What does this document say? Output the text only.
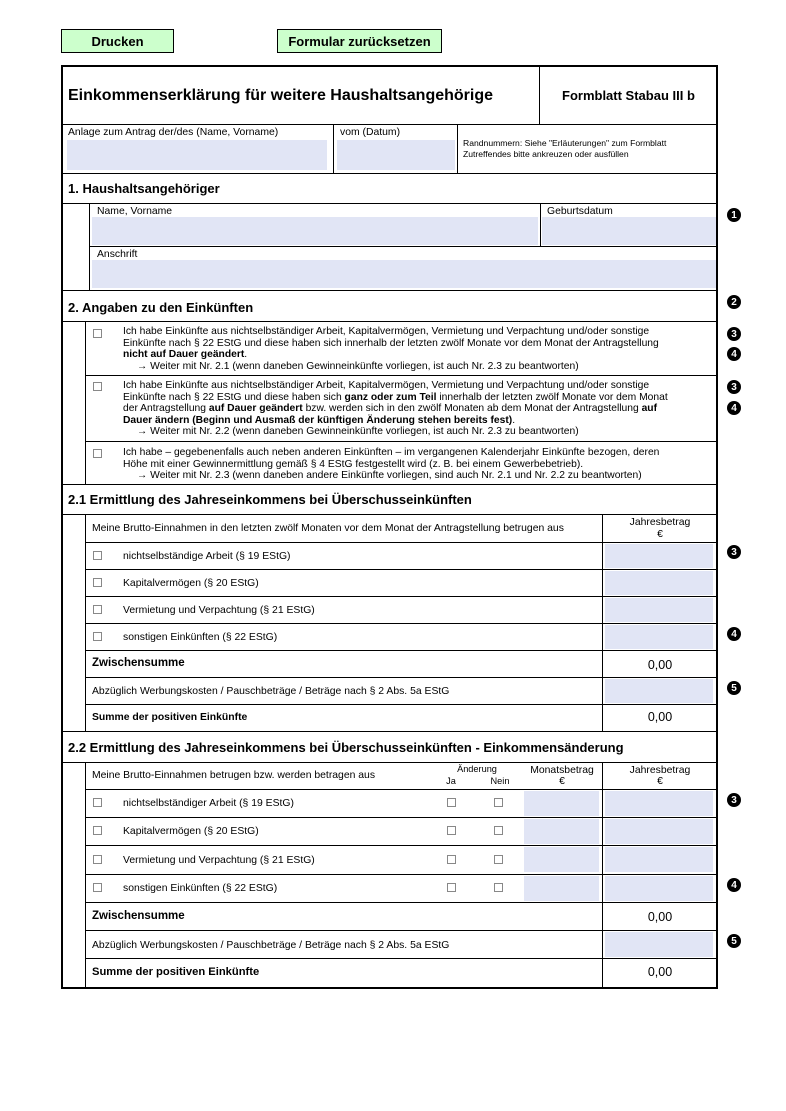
Drucken	Formular zurücksetzen
Einkommenserklärung für weitere Haushaltsangehörige	Formblatt Stabau III b
Anlage zum Antrag der/des (Name, Vorname)	vom (Datum)
Randnummern: Siehe "Erläuterungen" zum Formblatt
Zutreffendes bitte ankreuzen oder ausfüllen
1. Haushaltsangehöriger
Name, Vorname	Geburtsdatum
Anschrift
2. Angaben zu den Einkünften
Ich habe Einkünfte aus nichtselbständiger Arbeit, Kapitalvermögen, Vermietung und Verpachtung und/oder sonstige
Einkünfte nach § 22 EStG und diese haben sich innerhalb der letzten zwölf Monate vor dem Monat der Antragstellung
nicht auf Dauer geändert.
→ Weiter mit Nr. 2.1 (wenn daneben Gewinneinkünfte vorliegen, ist auch Nr. 2.3 zu beantworten)
Ich habe Einkünfte aus nichtselbständiger Arbeit, Kapitalvermögen, Vermietung und Verpachtung und/oder sonstige
Einkünfte nach § 22 EStG und diese haben sich ganz oder zum Teil innerhalb der letzten zwölf Monate vor dem Monat
der Antragstellung auf Dauer geändert bzw. werden sich in den zwölf Monaten ab dem Monat der Antragstellung auf
Dauer ändern (Beginn und Ausmaß der künftigen Änderung stehen bereits fest).
→ Weiter mit Nr. 2.2 (wenn daneben Gewinneinkünfte vorliegen, ist auch Nr. 2.3 zu beantworten)
Ich habe – gegebenenfalls auch neben anderen Einkünften – im vergangenen Kalenderjahr Einkünfte bezogen, deren
Höhe mit einer Gewinnermittlung gemäß § 4 EStG festgestellt wird (z. B. bei einem Gewerbebetrieb).
→ Weiter mit Nr. 2.3 (wenn daneben andere Einkünfte vorliegen, sind auch Nr. 2.1 und Nr. 2.2 zu beantworten)
2.1 Ermittlung des Jahreseinkommens bei Überschusseinkünften
Meine Brutto-Einnahmen in den letzten zwölf Monaten vor dem Monat der Antragstellung betrugen aus
Jahresbetrag
€
nichtselbständige Arbeit (§ 19 EStG)
Kapitalvermögen (§ 20 EStG)
Vermietung und Verpachtung (§ 21 EStG)
sonstigen Einkünften (§ 22 EStG)
Zwischensumme	0,00
Abzüglich Werbungskosten / Pauschbeträge / Beträge nach § 2 Abs. 5a EStG
Summe der positiven Einkünfte	0,00
2.2 Ermittlung des Jahreseinkommens bei Überschusseinkünften - Einkommensänderung
Meine Brutto-Einnahmen betrugen bzw. werden betragen aus
Änderung
Ja	Nein
Monatsbetrag
€
Jahresbetrag
€
nichtselbständiger Arbeit (§ 19 EStG)
Kapitalvermögen (§ 20 EStG)
Vermietung und Verpachtung (§ 21 EStG)
sonstigen Einkünften (§ 22 EStG)
Zwischensumme	0,00
Abzüglich Werbungskosten / Pauschbeträge / Beträge nach § 2 Abs. 5a EStG
Summe der positiven Einkünfte	0,00
1
2
3
4
3
4
3
4
5
3
4
5
